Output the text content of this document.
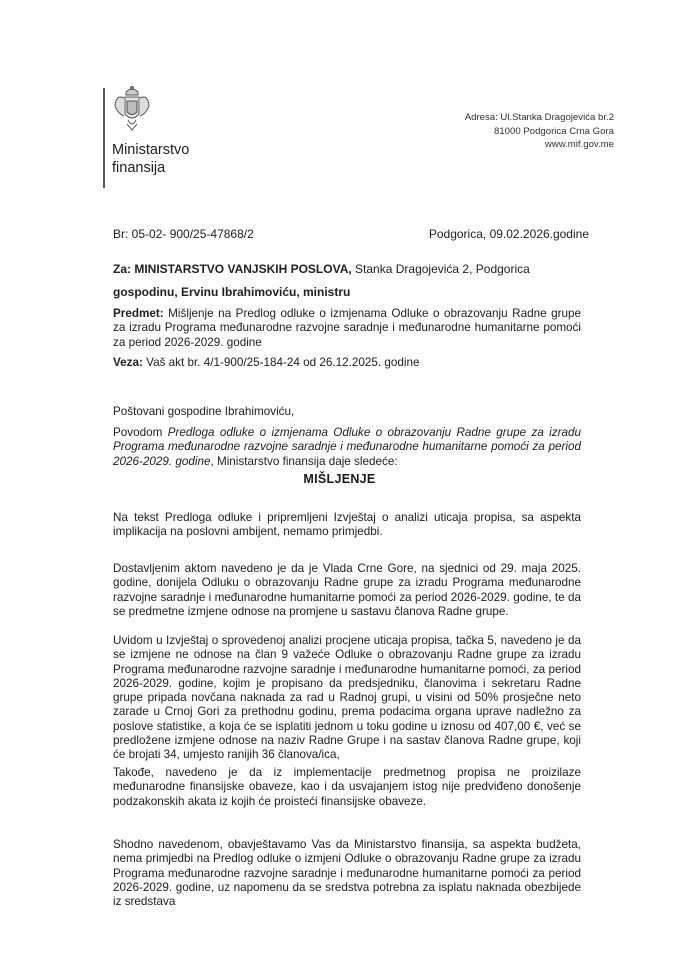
Ministarstvo
finansija
Adresa: Ul.Stanka Dragojevića br.2
81000 Podgorica Crna Gora
www.mif.gov.me
Br: 05-02- 900/25-47868/2	Podgorica, 09.02.2026.godine
Za: MINISTARSTVO VANJSKIH POSLOVA, Stanka Dragojevića 2, Podgorica
gospodinu, Ervinu Ibrahimoviću, ministru
Predmet: Mišljenje na Predlog odluke o izmjenama Odluke o obrazovanju Radne grupe za izradu Programa međunarodne razvojne saradnje i međunarodne humanitarne pomoći za period 2026-2029. godine
Veza: Vaš akt br. 4/1-900/25-184-24 od 26.12.2025. godine
Poštovani gospodine Ibrahimoviću,
Povodom Predloga odluke o izmjenama Odluke o obrazovanju Radne grupe za izradu Programa međunarodne razvojne saradnje i međunarodne humanitarne pomoći za period 2026-2029. godine, Ministarstvo finansija daje sledeće:
MIŠLJENJE
Na tekst Predloga odluke i pripremljeni Izvještaj o analizi uticaja propisa, sa aspekta implikacija na poslovni ambijent, nemamo primjedbi.
Dostavljenim aktom navedeno je da je Vlada Crne Gore, na sjednici od 29. maja 2025. godine, donijela Odluku o obrazovanju Radne grupe za izradu Programa međunarodne razvojne saradnje i međunarodne humanitarne pomoći za period 2026-2029. godine, te da se predmetne izmjene odnose na promjene u sastavu članova Radne grupe.
Uvidom u Izvještaj o sprovedenoj analizi procjene uticaja propisa, tačka 5, navedeno je da se izmjene ne odnose na član 9 važeće Odluke o obrazovanju Radne grupe za izradu Programa međunarodne razvojne saradnje i međunarodne humanitarne pomoći, za period 2026-2029. godine, kojim je propisano da predsjedniku, članovima i sekretaru Radne grupe pripada novčana naknada za rad u Radnoj grupi, u visini od 50% prosječne neto zarade u Crnoj Gori za prethodnu godinu, prema podacima organa uprave nadležno za poslove statistike, a koja će se isplatiti jednom u toku godine u iznosu od 407,00 €, već se predložene izmjene odnose na naziv Radne Grupe i na sastav članova Radne grupe, koji će brojati 34, umjesto ranijih 36 članova/ica,
Takođe, navedeno je da iz implementacije predmetnog propisa ne proizilaze međunarodne finansijske obaveze, kao i da usvajanjem istog nije predviđeno donošenje podzakonskih akata iz kojih će proisteći finansijske obaveze.
Shodno navedenom, obavještavamo Vas da Ministarstvo finansija, sa aspekta budžeta, nema primjedbi na Predlog odluke o izmjeni Odluke o obrazovanju Radne grupe za izradu Programa međunarodne razvojne saradnje i međunarodne humanitarne pomoći za period 2026-2029. godine, uz napomenu da se sredstva potrebna za isplatu naknada obezbijede iz sredstava
